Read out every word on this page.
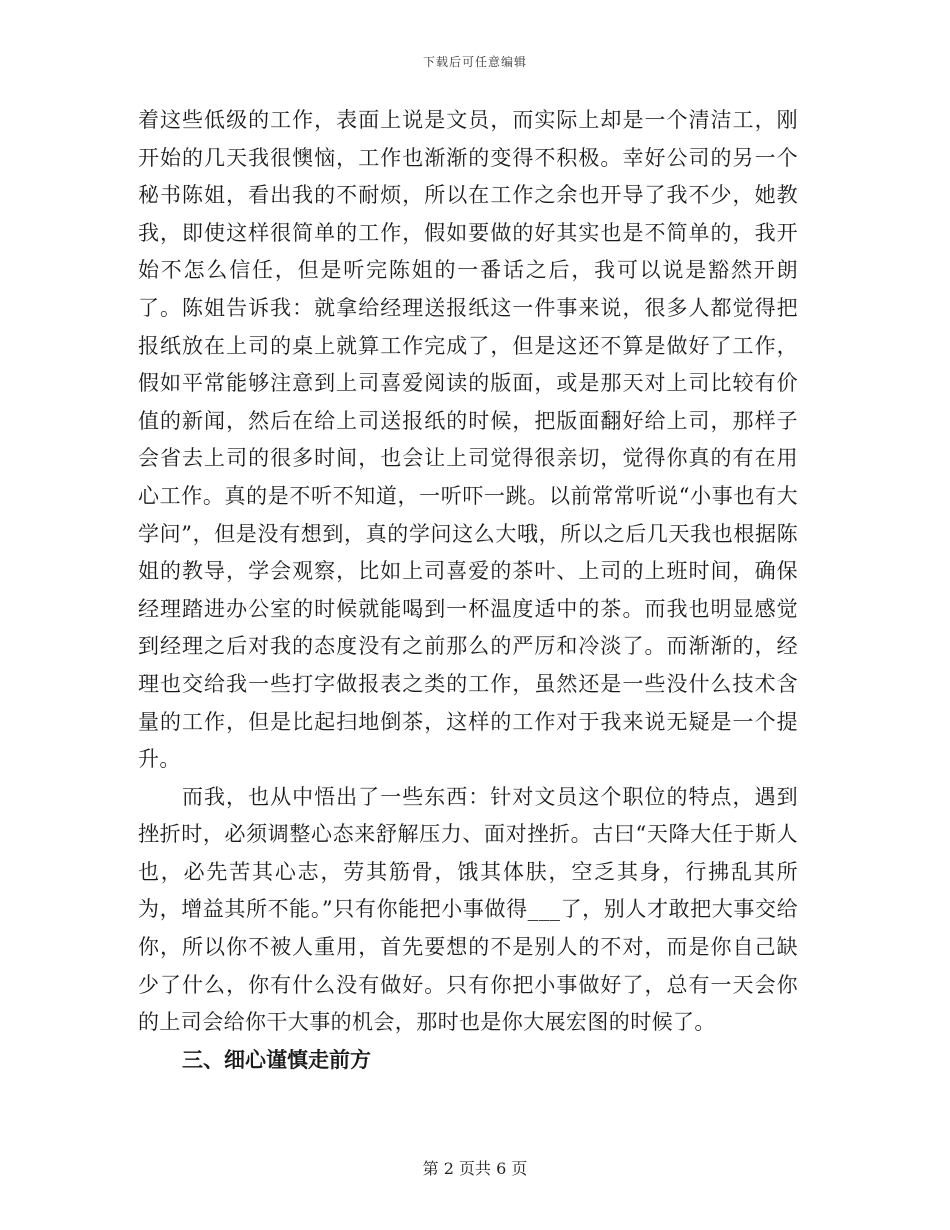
下载后可任意编辑

着这些低级的工作，表面上说是文员，而实际上却是一个清洁工，刚开始的几天我很懊恼，工作也渐渐的变得不积极。幸好公司的另一个秘书陈姐，看出我的不耐烦，所以在工作之余也开导了我不少，她教我，即使这样很简单的工作，假如要做的好其实也是不简单的，我开始不怎么信任，但是听完陈姐的一番话之后，我可以说是豁然开朗了。陈姐告诉我：就拿给经理送报纸这一件事来说，很多人都觉得把报纸放在上司的桌上就算工作完成了，但是这还不算是做好了工作，假如平常能够注意到上司喜爱阅读的版面，或是那天对上司比较有价值的新闻，然后在给上司送报纸的时候，把版面翻好给上司，那样子会省去上司的很多时间，也会让上司觉得很亲切，觉得你真的有在用心工作。真的是不听不知道，一听吓一跳。以前常常听说“小事也有大学问”，但是没有想到，真的学问这么大哦，所以之后几天我也根据陈姐的教导，学会观察，比如上司喜爱的茶叶、上司的上班时间，确保经理踏进办公室的时候就能喝到一杯温度适中的茶。而我也明显感觉到经理之后对我的态度没有之前那么的严厉和冷淡了。而渐渐的，经理也交给我一些打字做报表之类的工作，虽然还是一些没什么技术含量的工作，但是比起扫地倒茶，这样的工作对于我来说无疑是一个提升。

而我，也从中悟出了一些东西：针对文员这个职位的特点，遇到挫折时，必须调整心态来舒解压力、面对挫折。古曰“天降大任于斯人也，必先苦其心志，劳其筋骨，饿其体肤，空乏其身，行拂乱其所为，增益其所不能。”只有你能把小事做得___了，别人才敢把大事交给你，所以你不被人重用，首先要想的不是别人的不对，而是你自己缺少了什么，你有什么没有做好。只有你把小事做好了，总有一天会你的上司会给你干大事的机会，那时也是你大展宏图的时候了。

三、细心谨慎走前方

第 2 页共 6 页
